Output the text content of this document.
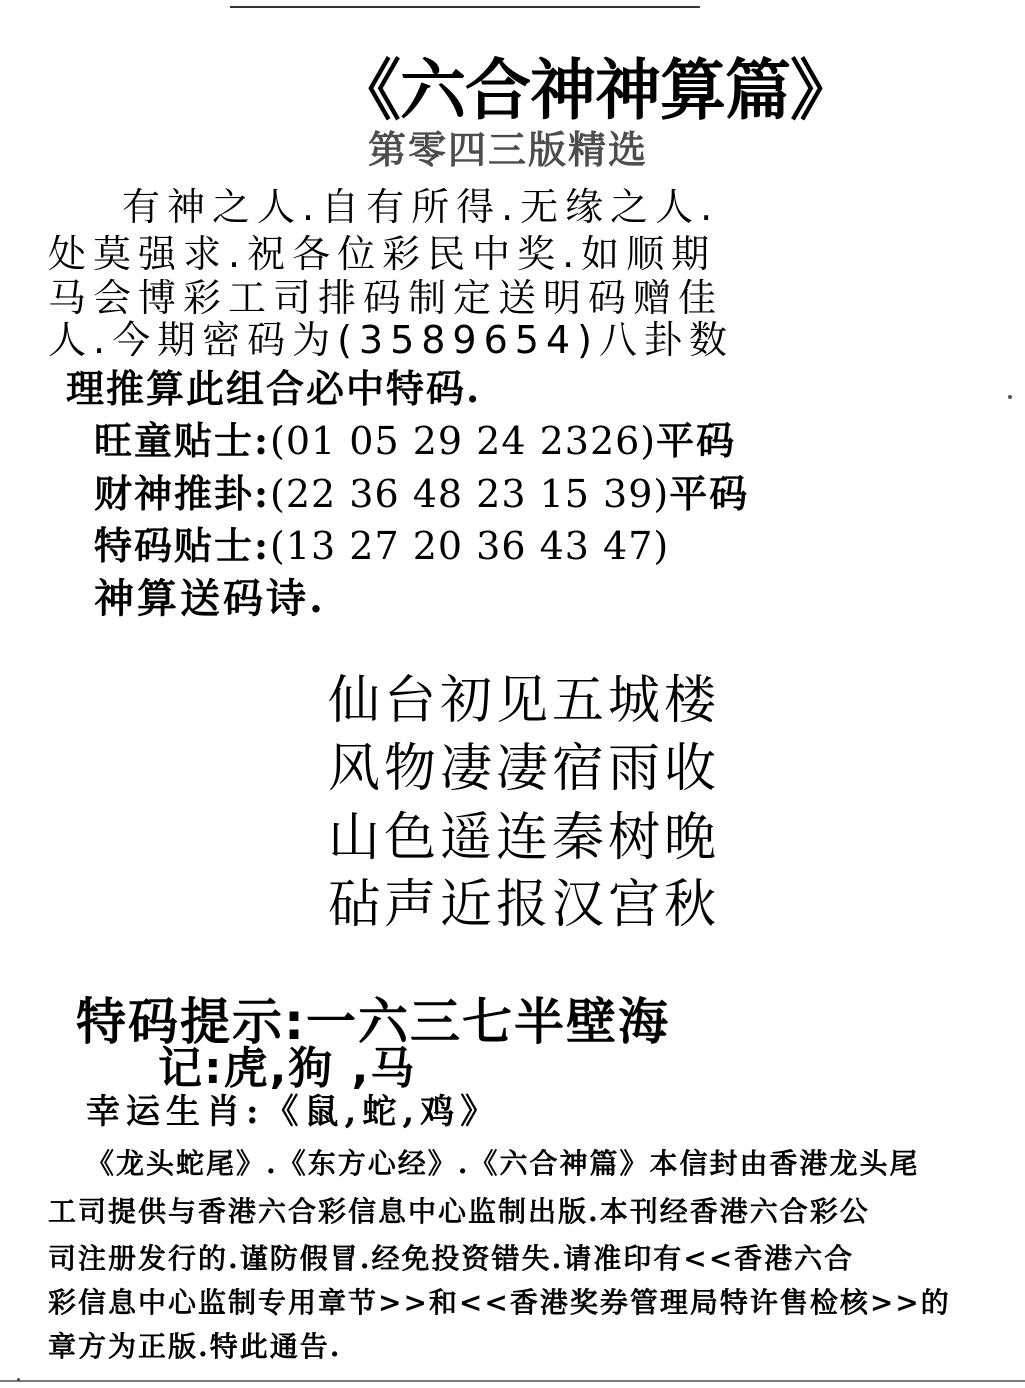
《六合神神算篇》
第零四三版精选
有神之人.自有所得.无缘之人.
处莫强求.祝各位彩民中奖.如顺期
马会博彩工司排码制定送明码赠佳
人.今期密码为(3589654)八卦数
理推算此组合必中特码.
旺童贴士:(01 05 29 24 2326)平码
财神推卦:(22 36 48 23 15 39)平码
特码贴士:(13 27 20 36 43 47)
神算送码诗.
仙台初见五城楼
风物凄凄宿雨收
山色遥连秦树晚
砧声近报汉宫秋
特码提示:一六三七半壁海
记:虎,狗 ,马
幸运生肖:《鼠,蛇,鸡》
《龙头蛇尾》.《东方心经》.《六合神篇》本信封由香港龙头尾
工司提供与香港六合彩信息中心监制出版.本刊经香港六合彩公
司注册发行的.谨防假冒.经免投资错失.请准印有<<香港六合
彩信息中心监制专用章节>>和<<香港奖券管理局特许售检核>>的
章方为正版.特此通告.
